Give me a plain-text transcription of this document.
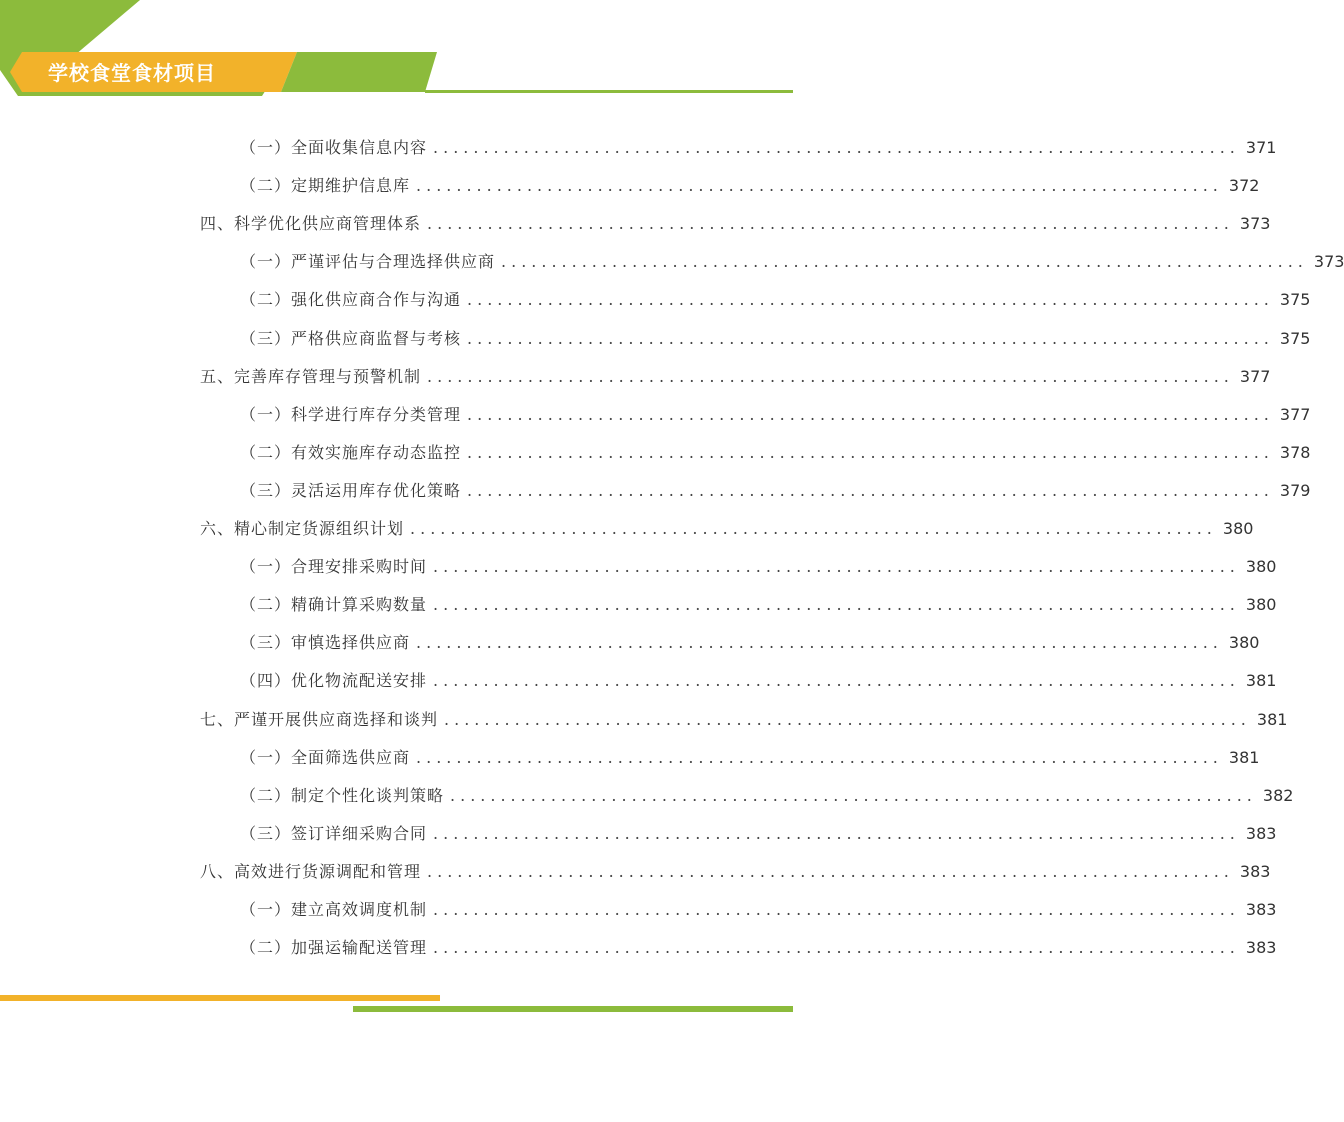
学校食堂食材项目
（一）全面收集信息内容 ................................................................................ 371
（二）定期维护信息库 ................................................................................ 372
四、科学优化供应商管理体系 ................................................................................ 373
（一）严谨评估与合理选择供应商 ................................................................................ 373
（二）强化供应商合作与沟通 ................................................................................ 375
（三）严格供应商监督与考核 ................................................................................ 375
五、完善库存管理与预警机制 ................................................................................ 377
（一）科学进行库存分类管理 ................................................................................ 377
（二）有效实施库存动态监控 ................................................................................ 378
（三）灵活运用库存优化策略 ................................................................................ 379
六、精心制定货源组织计划 ................................................................................ 380
（一）合理安排采购时间 ................................................................................ 380
（二）精确计算采购数量 ................................................................................ 380
（三）审慎选择供应商 ................................................................................ 380
（四）优化物流配送安排 ................................................................................ 381
七、严谨开展供应商选择和谈判 ................................................................................ 381
（一）全面筛选供应商 ................................................................................ 381
（二）制定个性化谈判策略 ................................................................................ 382
（三）签订详细采购合同 ................................................................................ 383
八、高效进行货源调配和管理 ................................................................................ 383
（一）建立高效调度机制 ................................................................................ 383
（二）加强运输配送管理 ................................................................................ 383
